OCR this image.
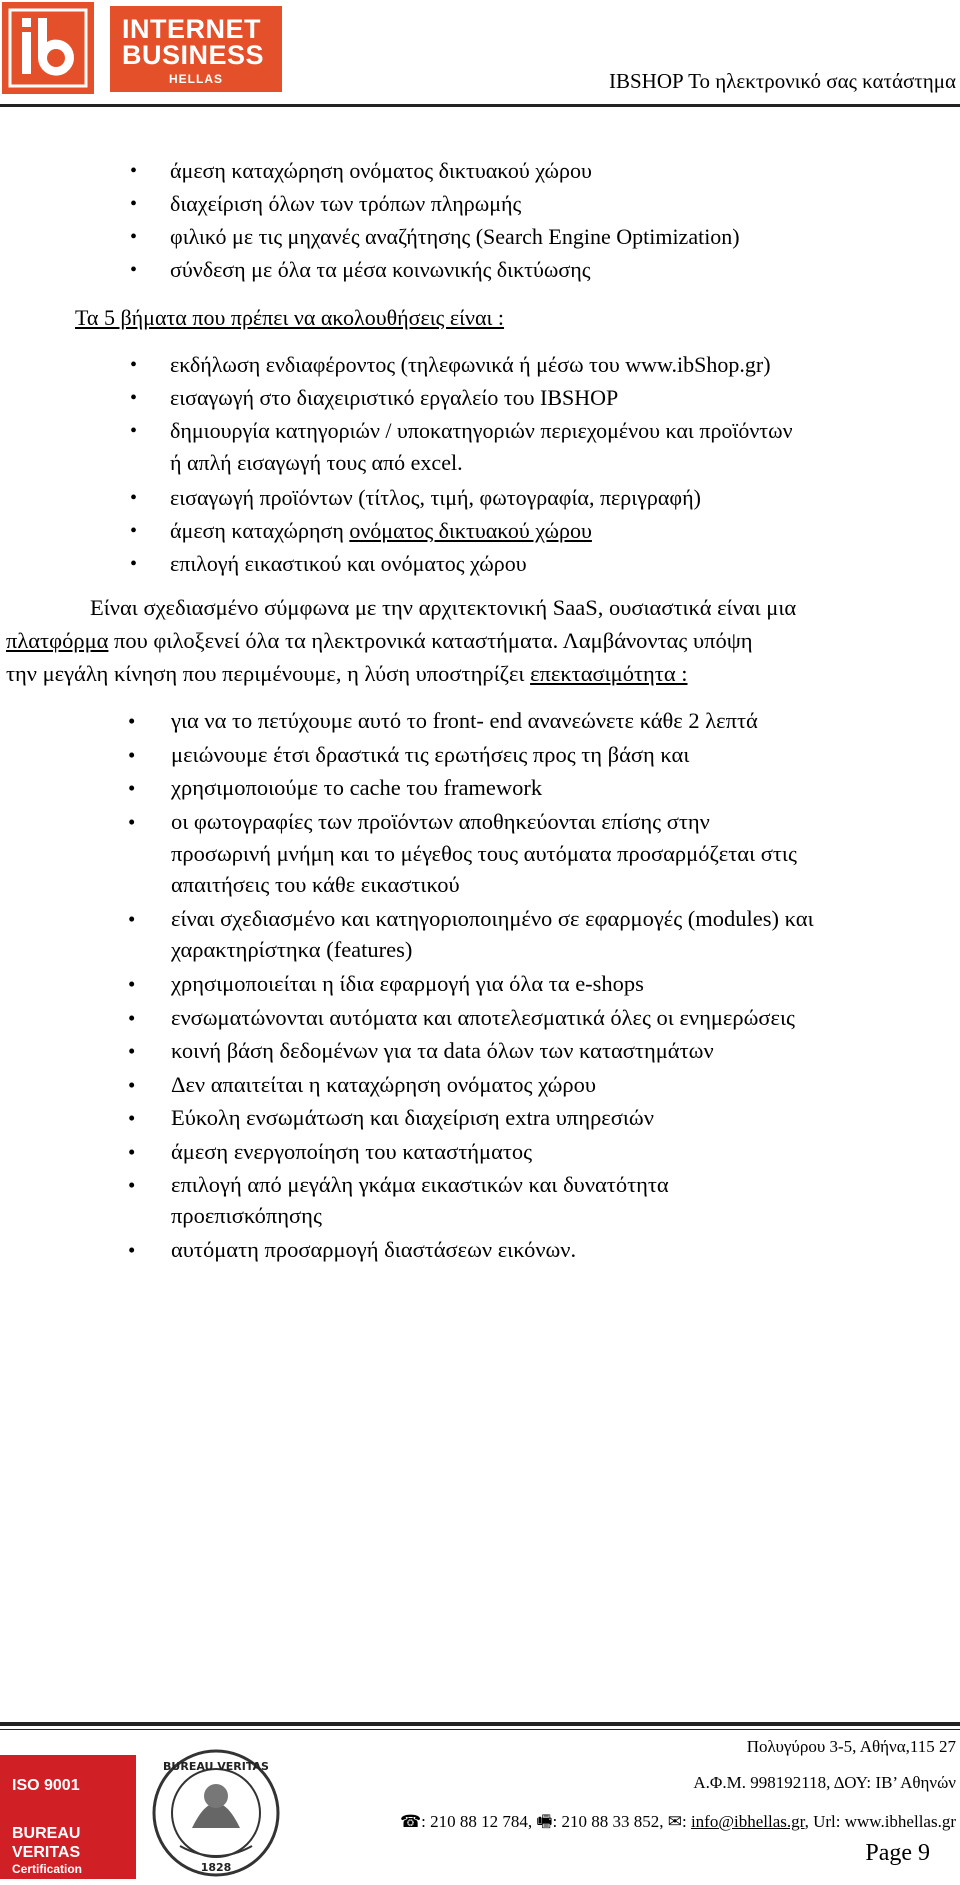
INTERNET
BUSINESS
HELLAS	IBSHOP Το ηλεκτρονικό σας κατάστημα
άμεση καταχώρηση ονόματος δικτυακού χώρου
διαχείριση όλων των τρόπων πληρωμής
φιλικό με τις μηχανές αναζήτησης (Search Engine Optimization)
σύνδεση με όλα τα μέσα κοινωνικής δικτύωσης
Τα 5 βήματα που πρέπει να ακολουθήσεις είναι :
εκδήλωση ενδιαφέροντος (τηλεφωνικά ή μέσω του www.ibShop.gr)
εισαγωγή στο διαχειριστικό εργαλείο του IBSHOP
δημιουργία κατηγοριών / υποκατηγοριών περιεχομένου και προϊόντων
ή απλή εισαγωγή τους από excel.
εισαγωγή προϊόντων (τίτλος, τιμή, φωτογραφία, περιγραφή)
άμεση καταχώρηση ονόματος δικτυακού χώρου
επιλογή εικαστικού και ονόματος χώρου
Είναι σχεδιασμένο σύμφωνα με την αρχιτεκτονική SaaS, ουσιαστικά είναι μια
πλατφόρμα που φιλοξενεί όλα τα ηλεκτρονικά καταστήματα. Λαμβάνοντας υπόψη
την μεγάλη κίνηση που περιμένουμε, η λύση υποστηρίζει επεκτασιμότητα :
για να το πετύχουμε αυτό το front- end ανανεώνετε κάθε 2 λεπτά
μειώνουμε έτσι δραστικά τις ερωτήσεις προς τη βάση και
χρησιμοποιούμε το cache του framework
οι φωτογραφίες των προϊόντων αποθηκεύονται επίσης στην
προσωρινή μνήμη και το μέγεθος τους αυτόματα προσαρμόζεται στις
απαιτήσεις του κάθε εικαστικού
είναι σχεδιασμένο και κατηγοριοποιημένο σε εφαρμογές (modules) και
χαρακτηρίστηκα (features)
χρησιμοποιείται η ίδια εφαρμογή για όλα τα e-shops
ενσωματώνονται αυτόματα και αποτελεσματικά όλες οι ενημερώσεις
κοινή βάση δεδομένων για τα data όλων των καταστημάτων
Δεν απαιτείται η καταχώρηση ονόματος χώρου
Εύκολη ενσωμάτωση και διαχείριση extra υπηρεσιών
άμεση ενεργοποίηση του καταστήματος
επιλογή από μεγάλη γκάμα εικαστικών και δυνατότητα
προεπισκόπησης
αυτόματη προσαρμογή διαστάσεων εικόνων.
Πολυγύρου 3-5, Αθήνα,115 27
Α.Φ.Μ. 998192118, ΔΟΥ: ΙΒ’ Αθηνών
☎: 210 88 12 784, 🖷: 210 88 33 852, ✉: info@ibhellas.gr, Url: www.ibhellas.gr
ISO 9001
BUREAU
VERITAS
Certification
BUREAU VERITAS
1828
Page 9
